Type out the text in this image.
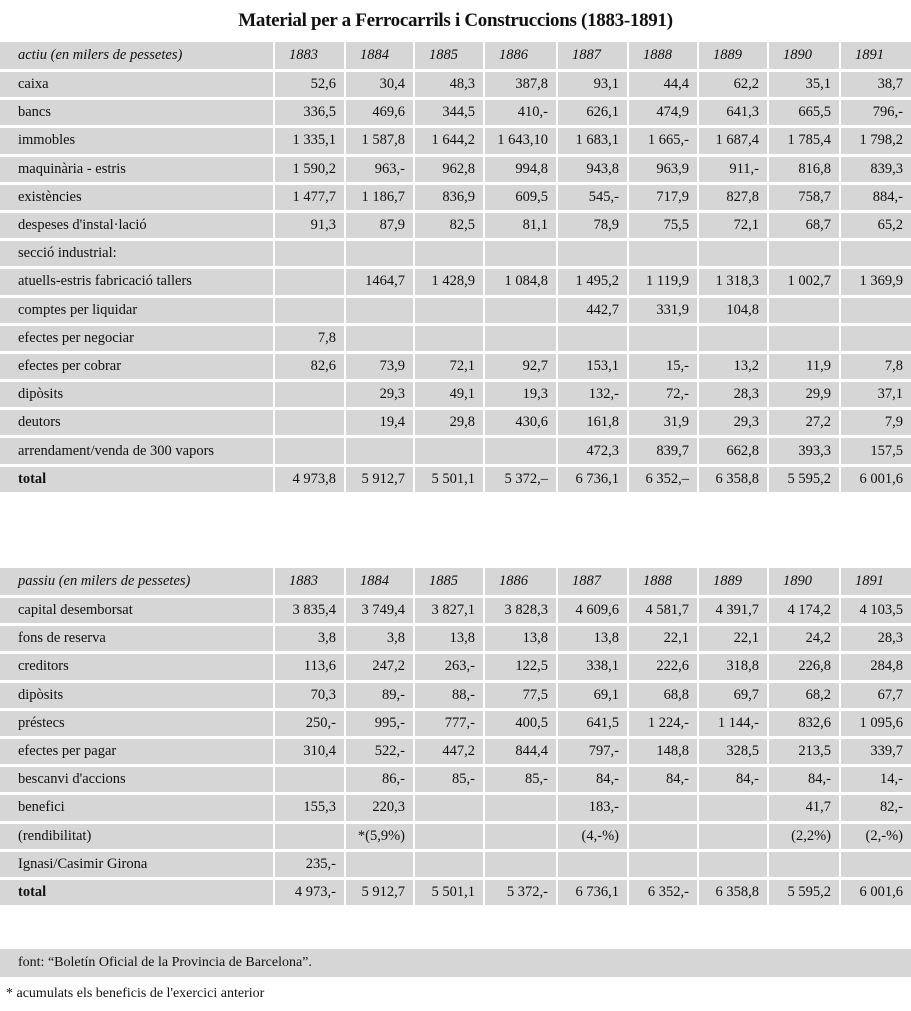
Material per a Ferrocarrils i Construccions (1883-1891)
actiu (en milers de pessetes)	1883	1884	1885	1886	1887	1888	1889	1890	1891
caixa	52,6	30,4	48,3	387,8	93,1	44,4	62,2	35,1	38,7
bancs	336,5	469,6	344,5	410,-	626,1	474,9	641,3	665,5	796,-
immobles	1 335,1	1 587,8	1 644,2	1 643,10	1 683,1	1 665,-	1 687,4	1 785,4	1 798,2
maquinària - estris	1 590,2	963,-	962,8	994,8	943,8	963,9	911,-	816,8	839,3
existències	1 477,7	1 186,7	836,9	609,5	545,-	717,9	827,8	758,7	884,-
despeses d'instal·lació	91,3	87,9	82,5	81,1	78,9	75,5	72,1	68,7	65,2
secció industrial:									
atuells-estris fabricació tallers		1464,7	1 428,9	1 084,8	1 495,2	1 119,9	1 318,3	1 002,7	1 369,9
comptes per liquidar					442,7	331,9	104,8		
efectes per negociar	7,8								
efectes per cobrar	82,6	73,9	72,1	92,7	153,1	15,-	13,2	11,9	7,8
dipòsits		29,3	49,1	19,3	132,-	72,-	28,3	29,9	37,1
deutors		19,4	29,8	430,6	161,8	31,9	29,3	27,2	7,9
arrendament/venda de 300 vapors					472,3	839,7	662,8	393,3	157,5
total	4 973,8	5 912,7	5 501,1	5 372,–	6 736,1	6 352,–	6 358,8	5 595,2	6 001,6
passiu (en milers de pessetes)	1883	1884	1885	1886	1887	1888	1889	1890	1891
capital desemborsat	3 835,4	3 749,4	3 827,1	3 828,3	4 609,6	4 581,7	4 391,7	4 174,2	4 103,5
fons de reserva	3,8	3,8	13,8	13,8	13,8	22,1	22,1	24,2	28,3
creditors	113,6	247,2	263,-	122,5	338,1	222,6	318,8	226,8	284,8
dipòsits	70,3	89,-	88,-	77,5	69,1	68,8	69,7	68,2	67,7
préstecs	250,-	995,-	777,-	400,5	641,5	1 224,-	1 144,-	832,6	1 095,6
efectes per pagar	310,4	522,-	447,2	844,4	797,-	148,8	328,5	213,5	339,7
bescanvi d'accions		86,-	85,-	85,-	84,-	84,-	84,-	84,-	14,-
benefici	155,3	220,3			183,-			41,7	82,-
(rendibilitat)		*(5,9%)			(4,-%)			(2,2%)	(2,-%)
Ignasi/Casimir Girona	235,-								
total	4 973,-	5 912,7	5 501,1	5 372,-	6 736,1	6 352,-	6 358,8	5 595,2	6 001,6
font: “Boletín Oficial de la Provincia de Barcelona”.
* acumulats els beneficis de l'exercici anterior
